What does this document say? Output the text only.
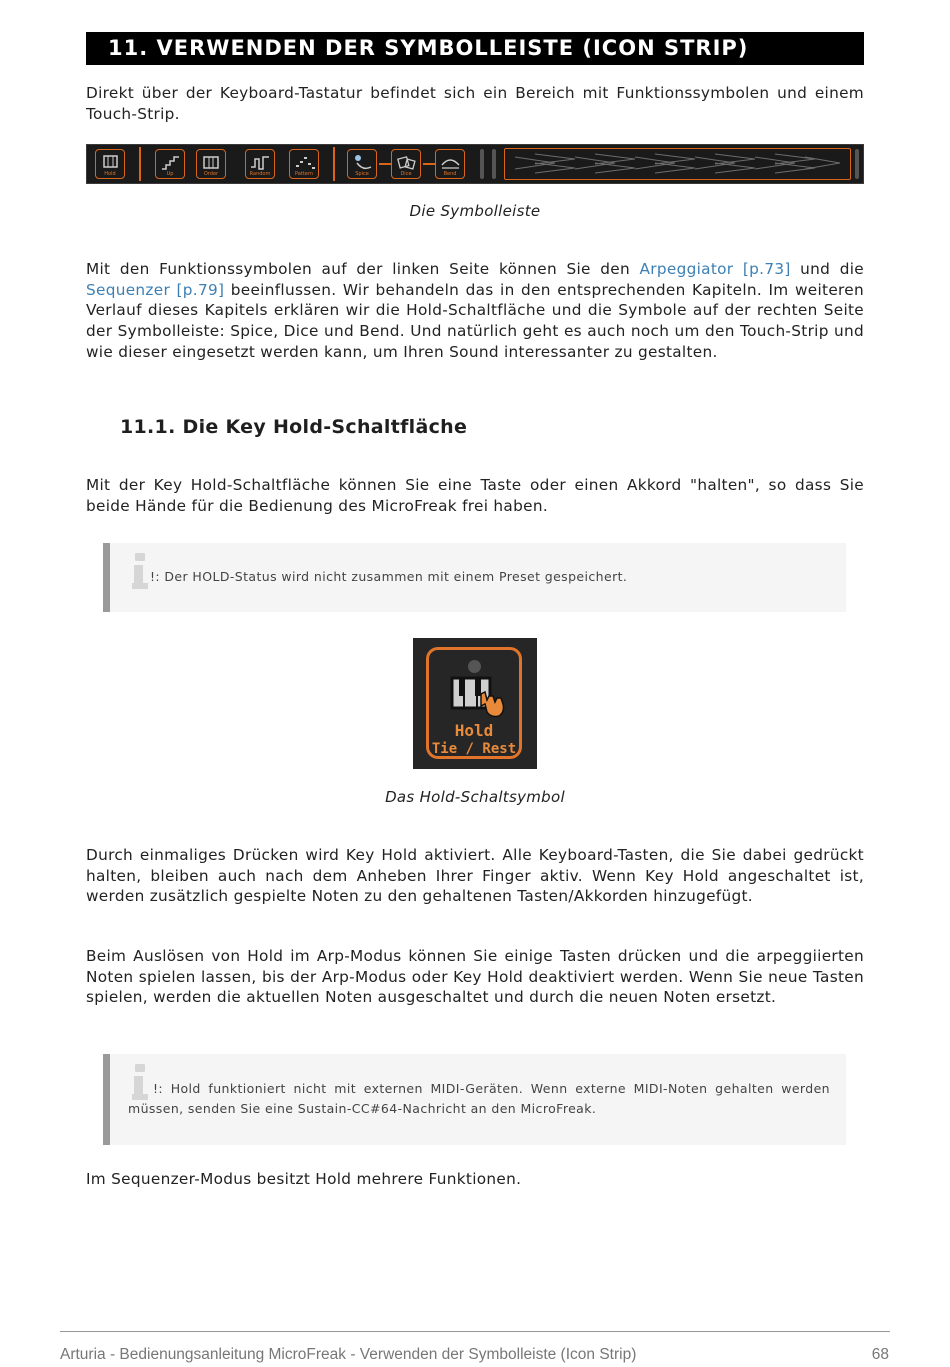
11. VERWENDEN DER SYMBOLLEISTE (ICON STRIP)

Direkt über der Keyboard-Tastatur befindet sich ein Bereich mit Funktionssymbolen und einem Touch-Strip.

Hold	Up	Order	Random	Pattern	Spice	Dice	Bend
Die Symbolleiste

Mit den Funktionssymbolen auf der linken Seite können Sie den Arpeggiator [p.73] und die Sequenzer [p.79] beeinflussen. Wir behandeln das in den entsprechenden Kapiteln. Im weiteren Verlauf dieses Kapitels erklären wir die Hold-Schaltfläche und die Symbole auf der rechten Seite der Symbolleiste: Spice, Dice und Bend. Und natürlich geht es auch noch um den Touch-Strip und wie dieser eingesetzt werden kann, um Ihren Sound interessanter zu gestalten.

11.1. Die Key Hold-Schaltfläche

Mit der Key Hold-Schaltfläche können Sie eine Taste oder einen Akkord "halten", so dass Sie beide Hände für die Bedienung des MicroFreak frei haben.

!: Der HOLD-Status wird nicht zusammen mit einem Preset gespeichert.
Hold
Tie / Rest
Das Hold-Schaltsymbol

Durch einmaliges Drücken wird Key Hold aktiviert. Alle Keyboard-Tasten, die Sie dabei gedrückt halten, bleiben auch nach dem Anheben Ihrer Finger aktiv. Wenn Key Hold angeschaltet ist, werden zusätzlich gespielte Noten zu den gehaltenen Tasten/Akkorden hinzugefügt.

Beim Auslösen von Hold im Arp-Modus können Sie einige Tasten drücken und die arpeggiierten Noten spielen lassen, bis der Arp-Modus oder Key Hold deaktiviert werden. Wenn Sie neue Tasten spielen, werden die aktuellen Noten ausgeschaltet und durch die neuen Noten ersetzt.

!: Hold funktioniert nicht mit externen MIDI-Geräten. Wenn externe MIDI-Noten gehalten werden müssen, senden Sie eine Sustain-CC#64-Nachricht an den MicroFreak.

Im Sequenzer-Modus besitzt Hold mehrere Funktionen.

Arturia - Bedienungsanleitung MicroFreak - Verwenden der Symbolleiste (Icon Strip)	68
